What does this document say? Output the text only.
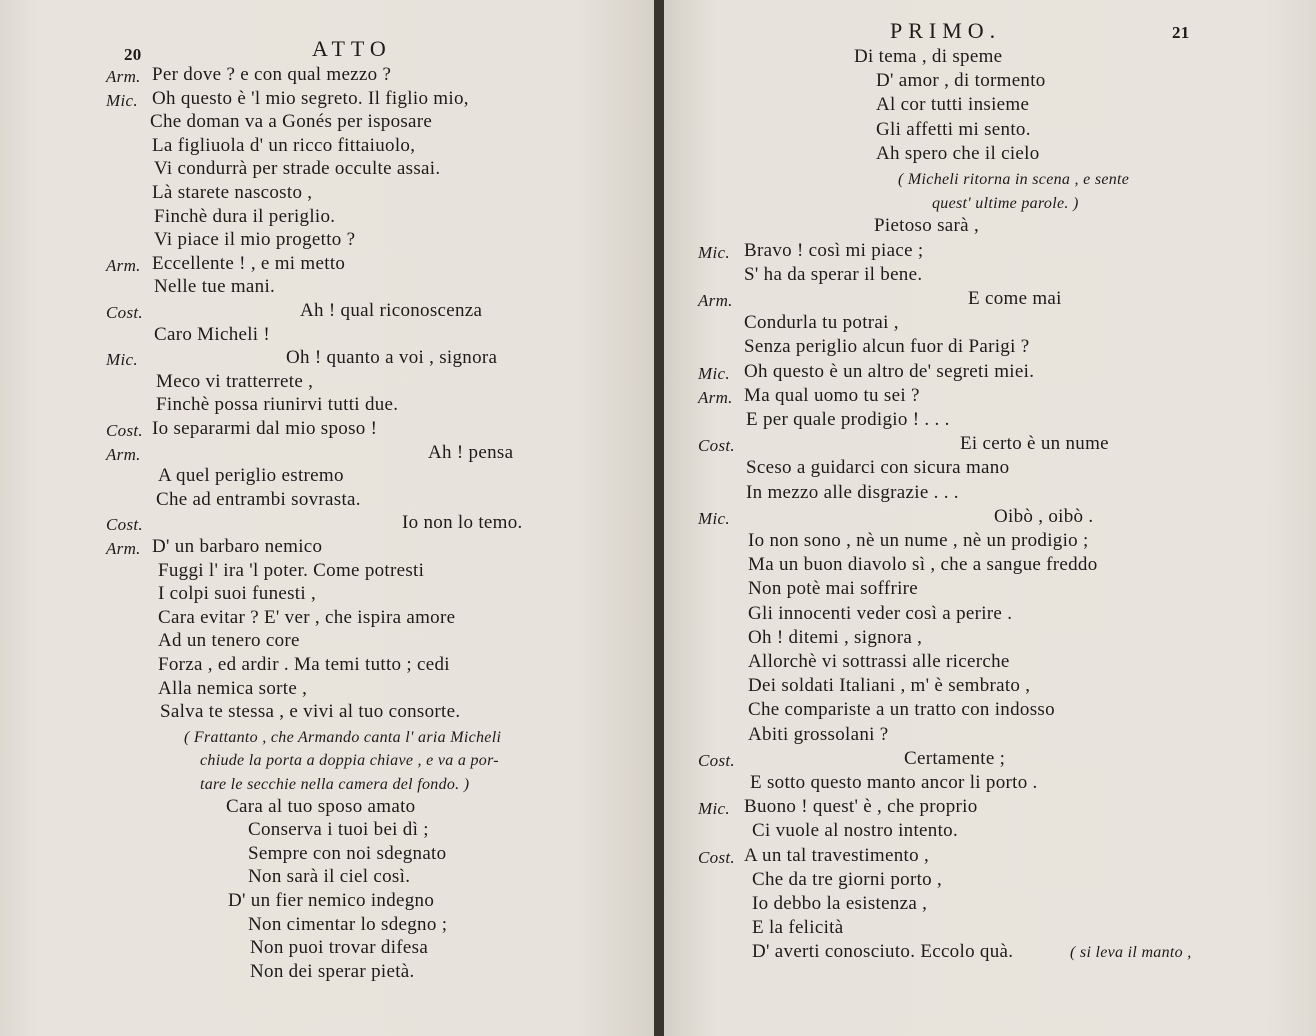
20	ATTO
Arm. Per dove ? e con qual mezzo ?
Mic. Oh questo è 'l mio segreto. Il figlio mio,
Che doman va a Gonés per isposare
La figliuola d' un ricco fittaiuolo,
Vi condurrà per strade occulte assai.
Là starete nascosto ,
Finchè dura il periglio.
Vi piace il mio progetto ?
Arm. Eccellente ! , e mi metto
Nelle tue mani.
Cost.	Ah ! qual riconoscenza
Caro Micheli !
Mic.	Oh ! quanto a voi , signora
Meco vi tratterrete ,
Finchè possa riunirvi tutti due.
Cost. Io separarmi dal mio sposo !
Arm.	Ah ! pensa
A quel periglio estremo
Che ad entrambi sovrasta.
Cost.	Io non lo temo.
Arm. D' un barbaro nemico
Fuggi l' ira 'l poter. Come potresti
I colpi suoi funesti ,
Cara evitar ? E' ver , che ispira amore
Ad un tenero core
Forza , ed ardir . Ma temi tutto ; cedi
Alla nemica sorte ,
Salva te stessa , e vivi al tuo consorte.
( Frattanto , che Armando canta l' aria Micheli
chiude la porta a doppia chiave , e va a por-
tare le secchie nella camera del fondo. )
Cara al tuo sposo amato
Conserva i tuoi bei dì ;
Sempre con noi sdegnato
Non sarà il ciel così.
D' un fier nemico indegno
Non cimentar lo sdegno ;
Non puoi trovar difesa
Non dei sperar pietà.
PRIMO.	21
Di tema , di speme
D' amor , di tormento
Al cor tutti insieme
Gli affetti mi sento.
Ah spero che il cielo
( Micheli ritorna in scena , e sente
quest' ultime parole. )
Pietoso sarà ,
Mic. Bravo ! così mi piace ;
S' ha da sperar il bene.
Arm.	E come mai
Condurla tu potrai ,
Senza periglio alcun fuor di Parigi ?
Mic. Oh questo è un altro de' segreti miei.
Arm. Ma qual uomo tu sei ?
E per quale prodigio ! . . .
Cost.	Ei certo è un nume
Sceso a guidarci con sicura mano
In mezzo alle disgrazie . . .
Mic.	Oibò , oibò .
Io non sono , nè un nume , nè un prodigio ;
Ma un buon diavolo sì , che a sangue freddo
Non potè mai soffrire
Gli innocenti veder così a perire .
Oh ! ditemi , signora ,
Allorchè vi sottrassi alle ricerche
Dei soldati Italiani , m' è sembrato ,
Che compariste a un tratto con indosso
Abiti grossolani ?
Cost.	Certamente ;
E sotto questo manto ancor li porto .
Mic. Buono ! quest' è , che proprio
Ci vuole al nostro intento.
Cost. A un tal travestimento ,
Che da tre giorni porto ,
Io debbo la esistenza ,
E la felicità
D' averti conosciuto. Eccolo quà.	( si leva il manto ,
